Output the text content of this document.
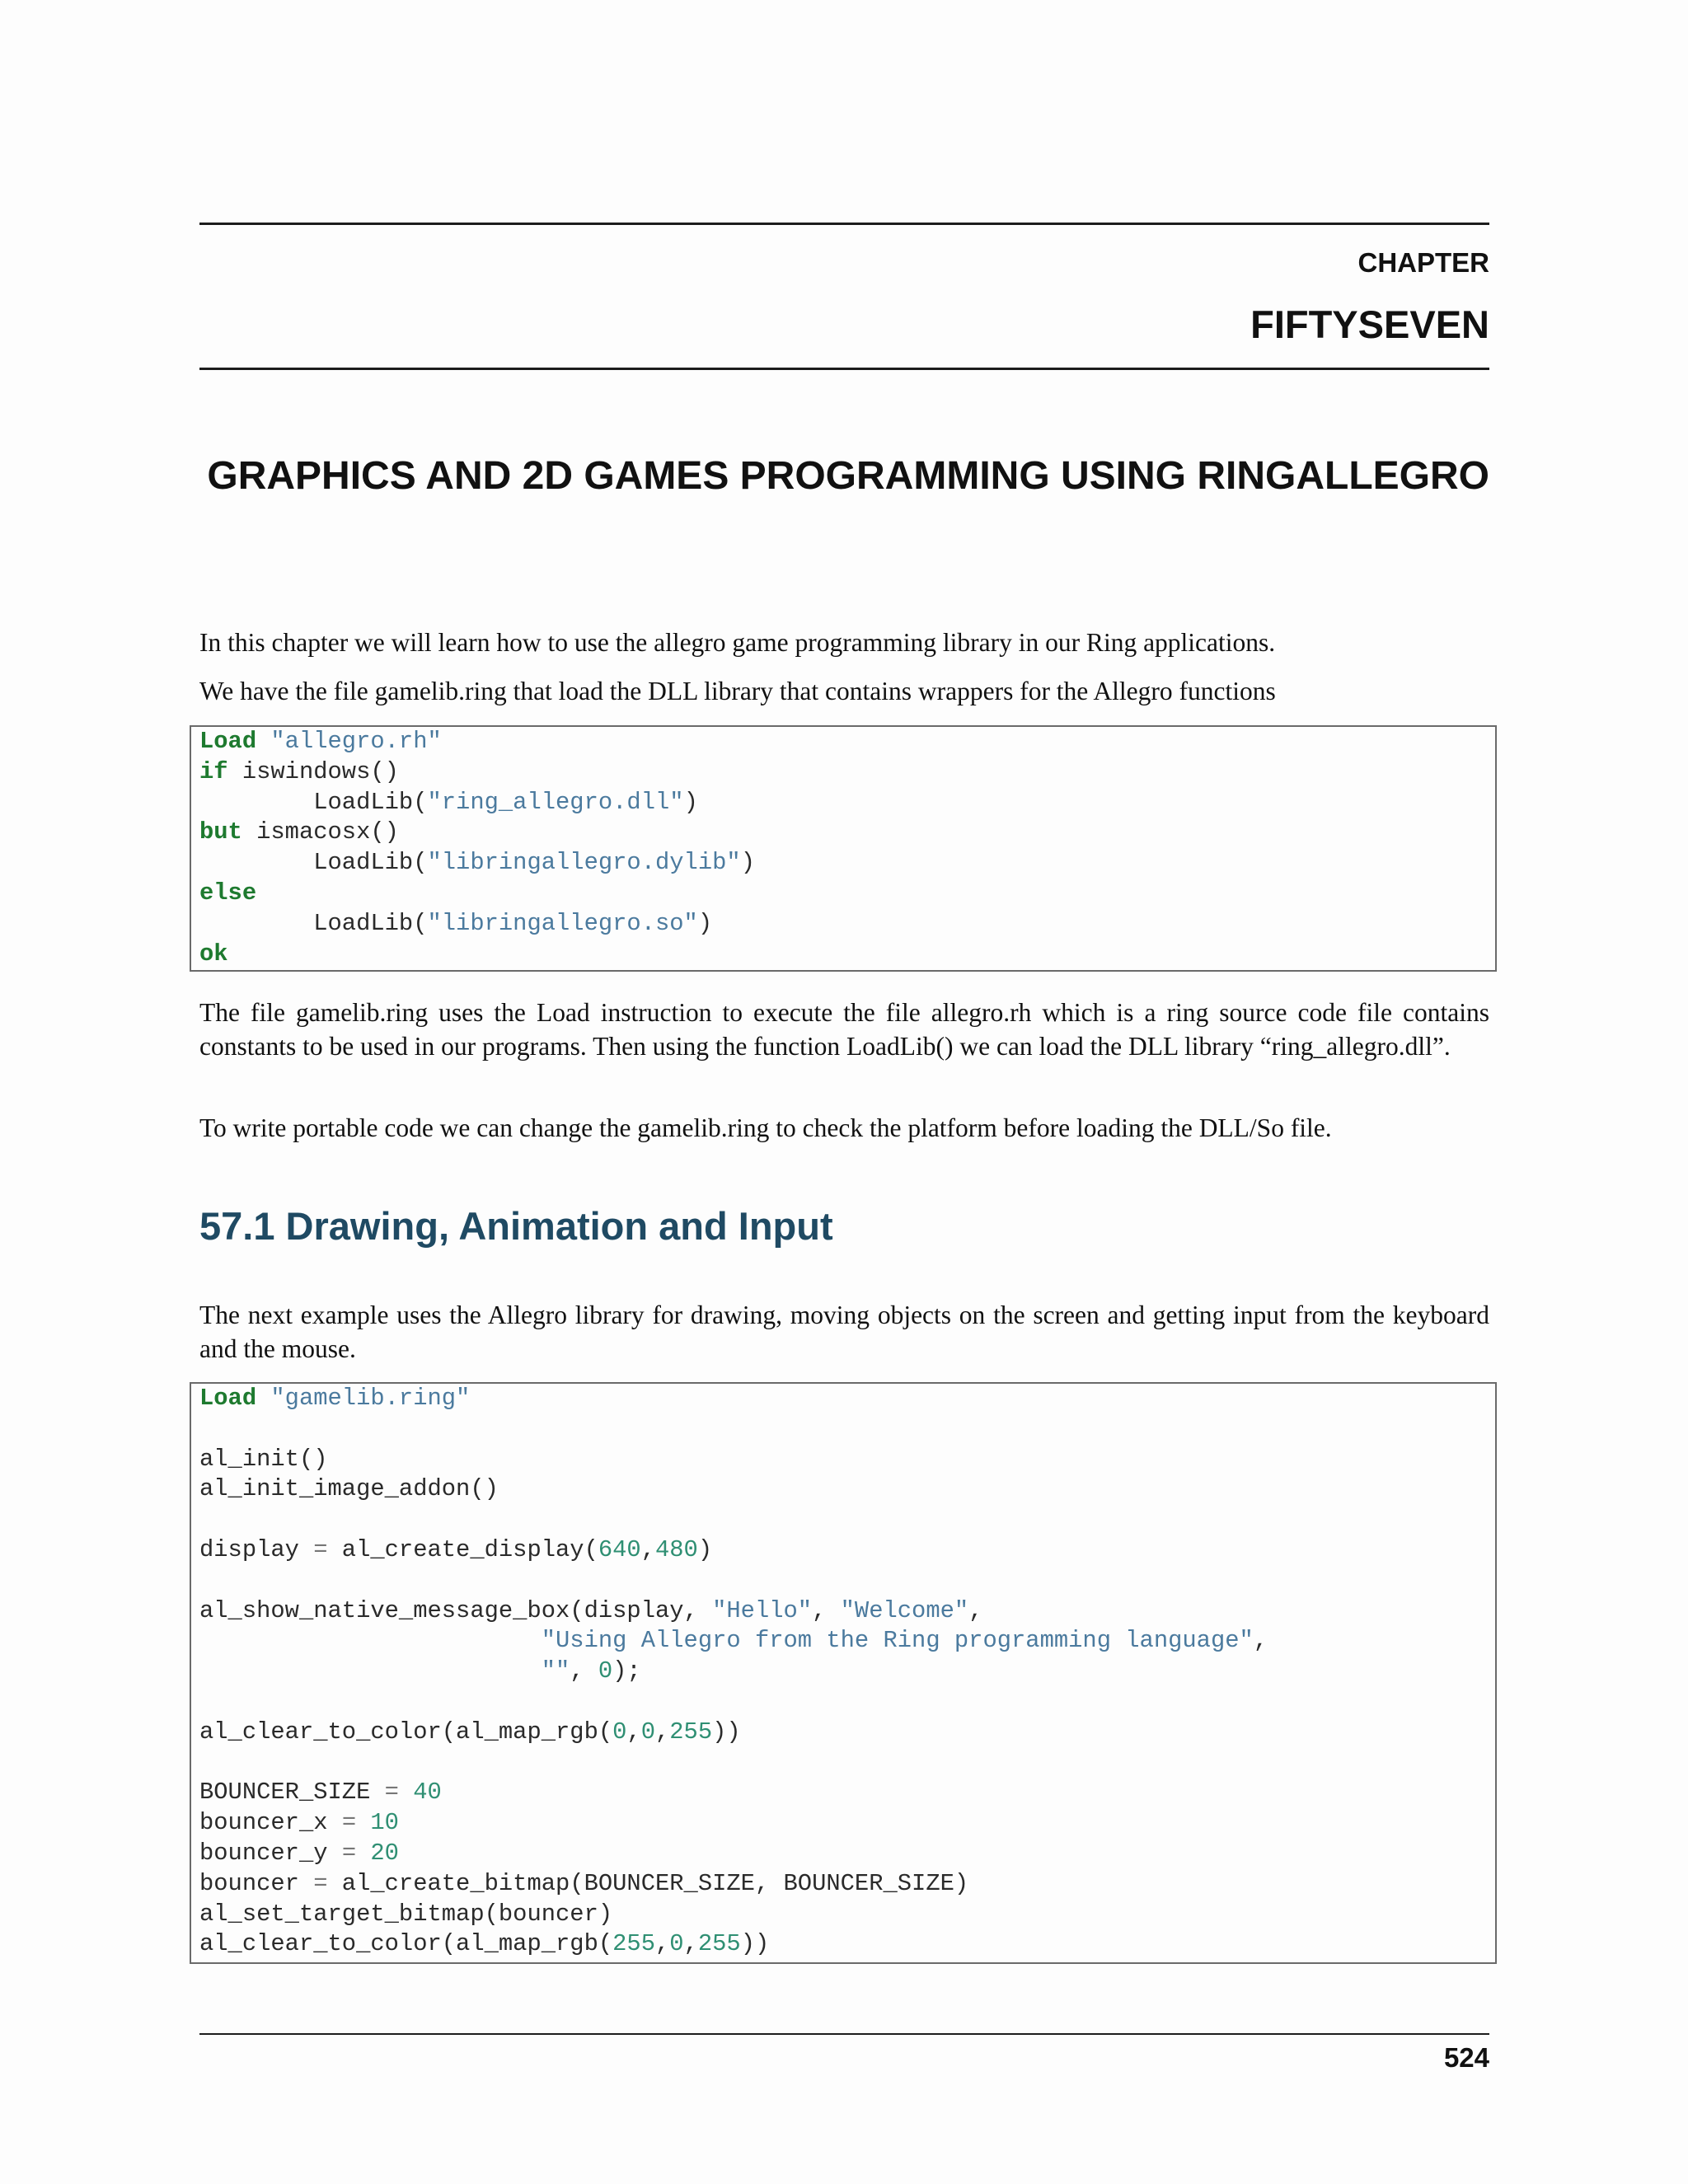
CHAPTER
FIFTYSEVEN
GRAPHICS AND 2D GAMES PROGRAMMING USING RINGALLEGRO

In this chapter we will learn how to use the allegro game programming library in our Ring applications.

We have the file gamelib.ring that load the DLL library that contains wrappers for the Allegro functions

Load "allegro.rh"
if iswindows()
LoadLib("ring_allegro.dll")
but ismacosx()
LoadLib("libringallegro.dylib")
else
LoadLib("libringallegro.so")
ok

The file gamelib.ring uses the Load instruction to execute the file allegro.rh which is a ring source code file contains constants to be used in our programs. Then using the function LoadLib() we can load the DLL library “ring_allegro.dll”.

To write portable code we can change the gamelib.ring to check the platform before loading the DLL/So file.

57.1 Drawing, Animation and Input

The next example uses the Allegro library for drawing, moving objects on the screen and getting input from the keyboard and the mouse.

Load "gamelib.ring"

al_init()
al_init_image_addon()

display = al_create_display(640,480)

al_show_native_message_box(display, "Hello", "Welcome",
"Using Allegro from the Ring programming language",
"", 0);

al_clear_to_color(al_map_rgb(0,0,255))

BOUNCER_SIZE = 40
bouncer_x = 10
bouncer_y = 20
bouncer = al_create_bitmap(BOUNCER_SIZE, BOUNCER_SIZE)
al_set_target_bitmap(bouncer)
al_clear_to_color(al_map_rgb(255,0,255))
524
